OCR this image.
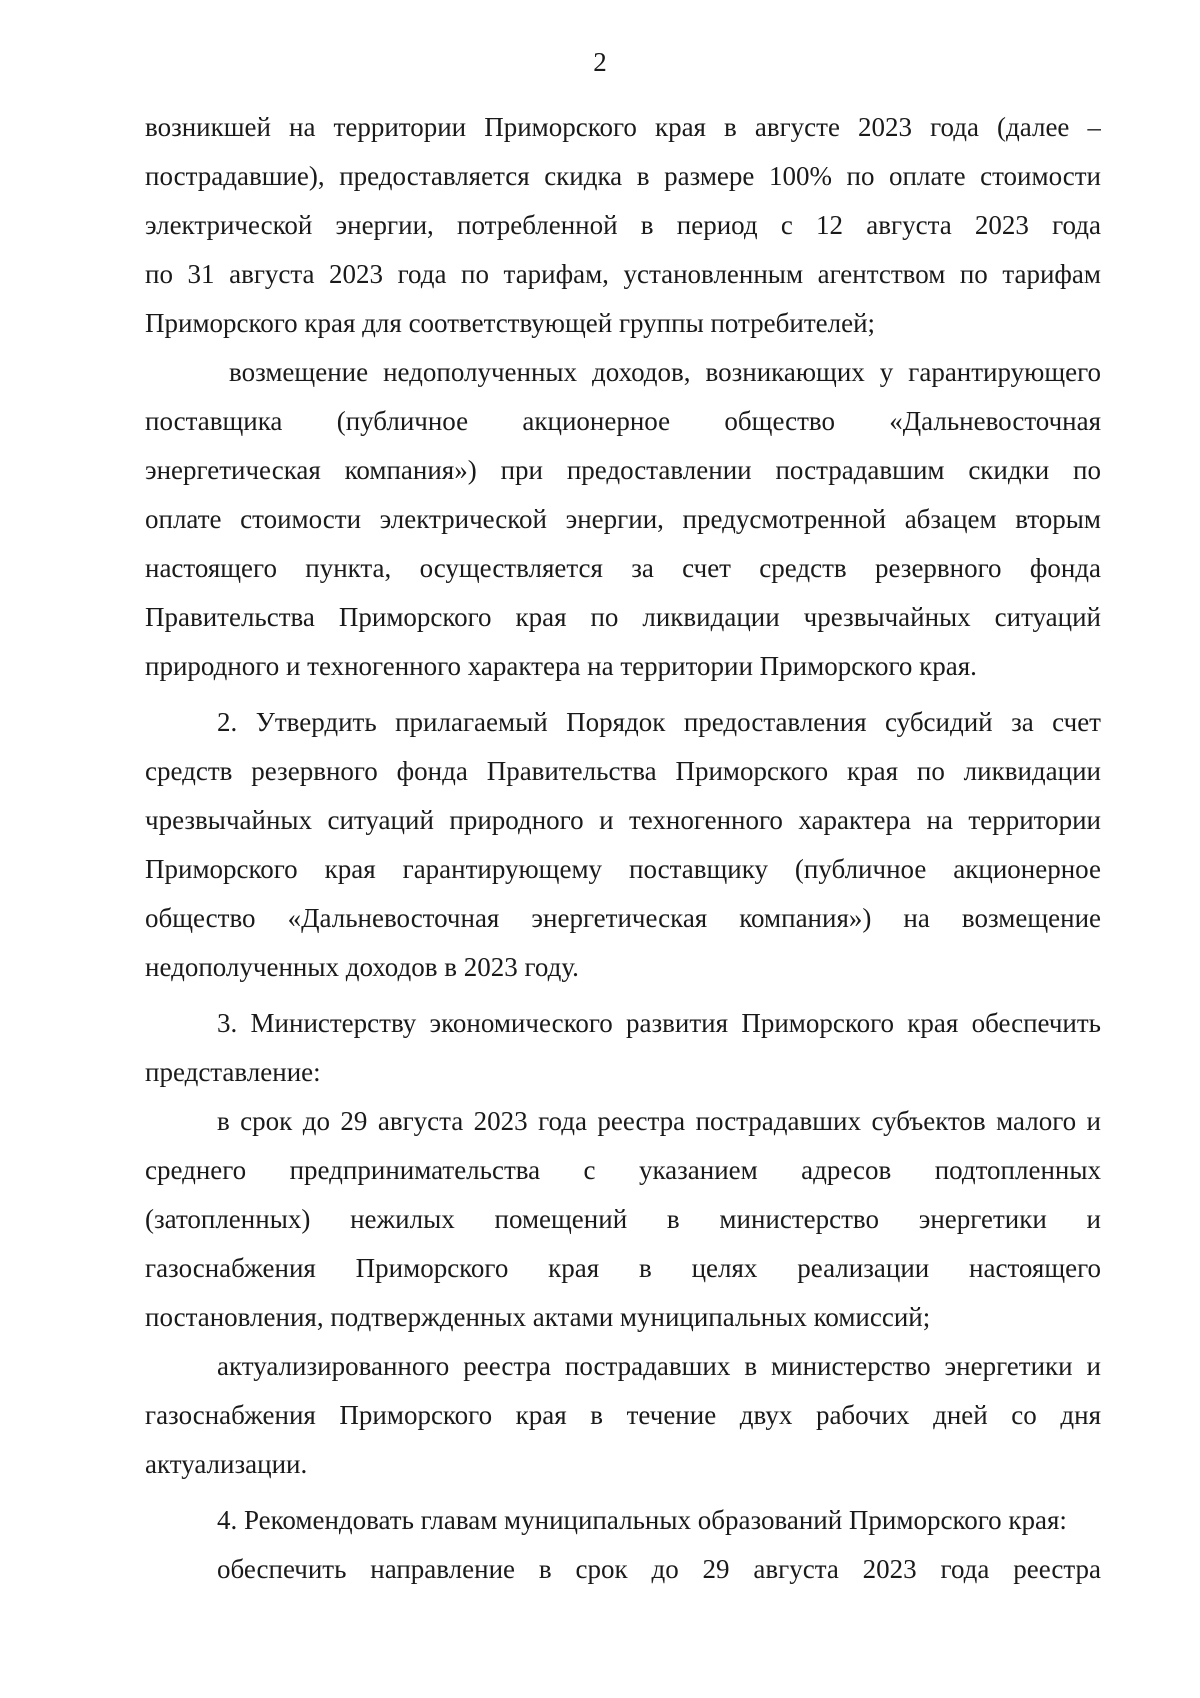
2
возникшей на территории Приморского края в августе 2023 года (далее –
пострадавшие), предоставляется скидка в размере 100% по оплате стоимости
электрической энергии, потребленной в период с 12 августа 2023 года
по 31 августа 2023 года по тарифам, установленным агентством по тарифам
Приморского края для соответствующей группы потребителей;
возмещение недополученных доходов, возникающих у гарантирующего
поставщика (публичное акционерное общество «Дальневосточная
энергетическая компания») при предоставлении пострадавшим скидки по
оплате стоимости электрической энергии, предусмотренной абзацем вторым
настоящего пункта, осуществляется за счет средств резервного фонда
Правительства Приморского края по ликвидации чрезвычайных ситуаций
природного и техногенного характера на территории Приморского края.
2. Утвердить прилагаемый Порядок предоставления субсидий за счет
средств резервного фонда Правительства Приморского края по ликвидации
чрезвычайных ситуаций природного и техногенного характера на территории
Приморского края гарантирующему поставщику (публичное акционерное
общество «Дальневосточная энергетическая компания») на возмещение
недополученных доходов в 2023 году.
3. Министерству экономического развития Приморского края обеспечить
представление:
в срок до 29 августа 2023 года реестра пострадавших субъектов малого и
среднего предпринимательства с указанием адресов подтопленных
(затопленных) нежилых помещений в министерство энергетики и
газоснабжения Приморского края в целях реализации настоящего
постановления, подтвержденных актами муниципальных комиссий;
актуализированного реестра пострадавших в министерство энергетики и
газоснабжения Приморского края в течение двух рабочих дней со дня
актуализации.
4. Рекомендовать главам муниципальных образований Приморского края:
обеспечить направление в срок до 29 августа 2023 года реестра
